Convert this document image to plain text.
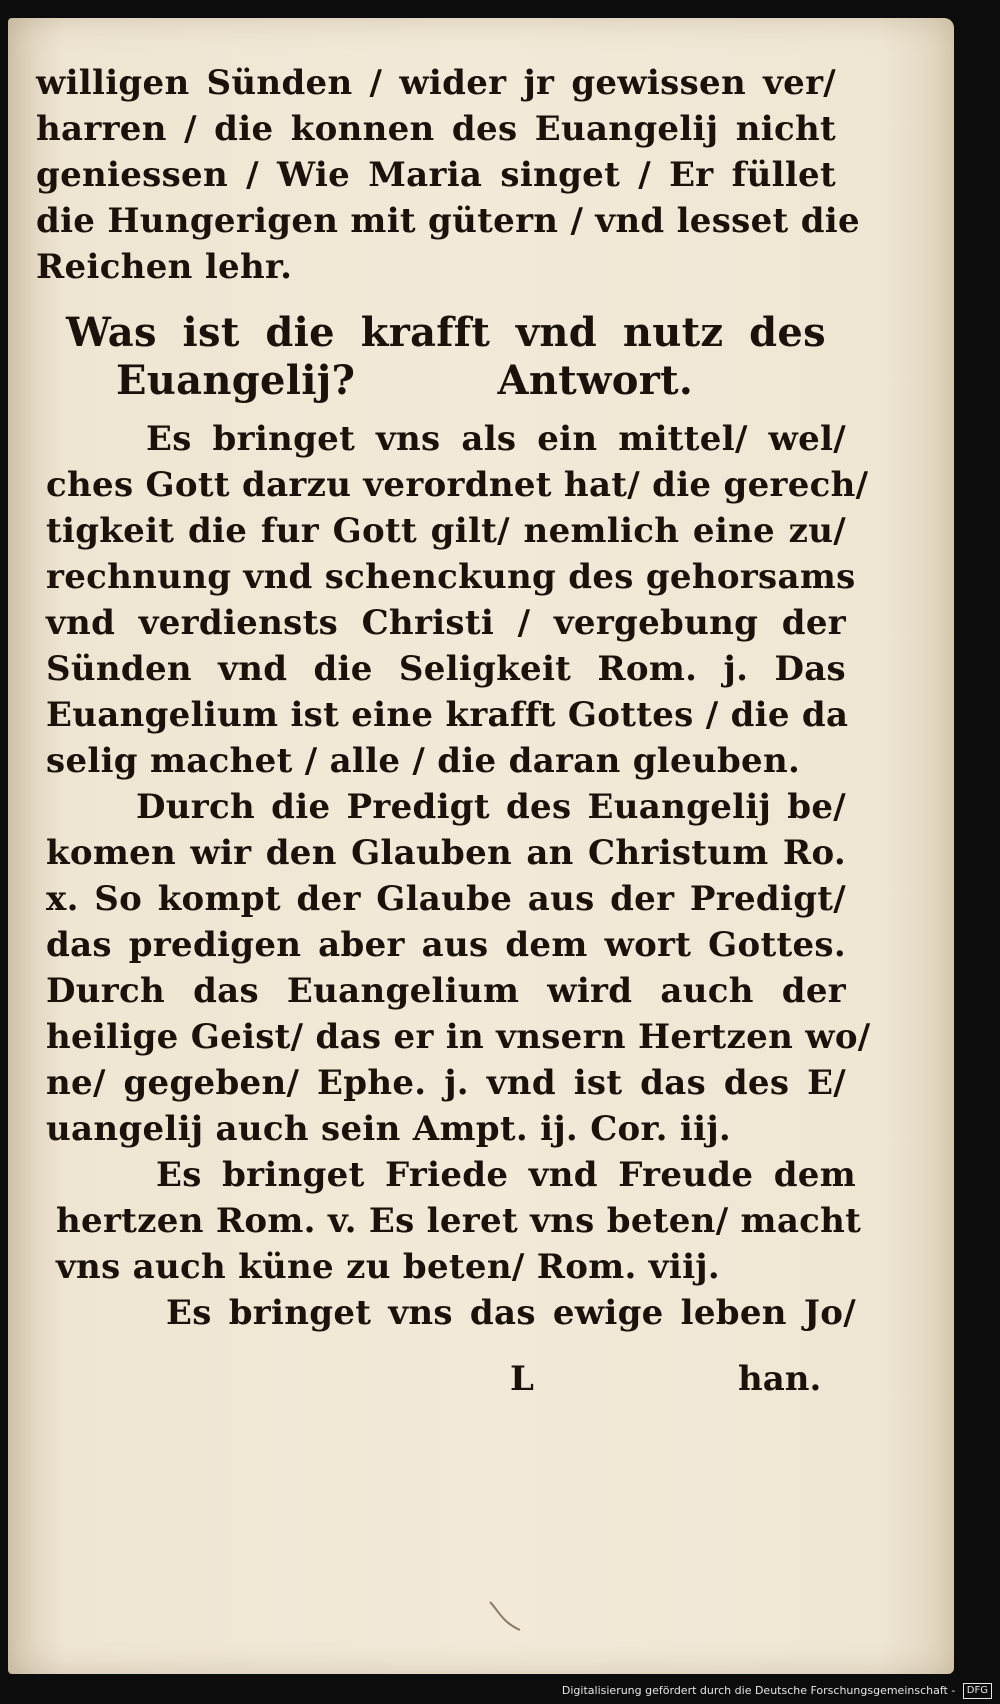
willigen Sünden / wider jr gewissen ver/
harren / die konnen des Euangelij nicht
geniessen / Wie Maria singet / Er füllet
die Hungerigen mit gütern / vnd lesset die
Reichen lehr.
Was ist die krafft vnd nutz des
Euangelij?          Antwort.
Es bringet vns als ein mittel/ wel/
ches Gott darzu verordnet hat/ die gerech/
tigkeit die fur Gott gilt/ nemlich eine zu/
rechnung vnd schenckung des gehorsams
vnd verdiensts Christi / vergebung der
Sünden vnd die Seligkeit Rom. j. Das
Euangelium ist eine krafft Gottes / die da
selig machet / alle / die daran gleuben.
Durch die Predigt des Euangelij be/
komen wir den Glauben an Christum Ro.
x. So kompt der Glaube aus der Predigt/
das predigen aber aus dem wort Gottes.
Durch das Euangelium wird auch der
heilige Geist/ das er in vnsern Hertzen wo/
ne/ gegeben/ Ephe. j. vnd ist das des E/
uangelij auch sein Ampt. ij. Cor. iij.
Es bringet Friede vnd Freude dem
hertzen Rom. v. Es leret vns beten/ macht
vns auch küne zu beten/ Rom. viij.
Es bringet vns das ewige leben Jo/
L	han.
Digitalisierung gefördert durch die Deutsche Forschungsgemeinschaft - DFG
